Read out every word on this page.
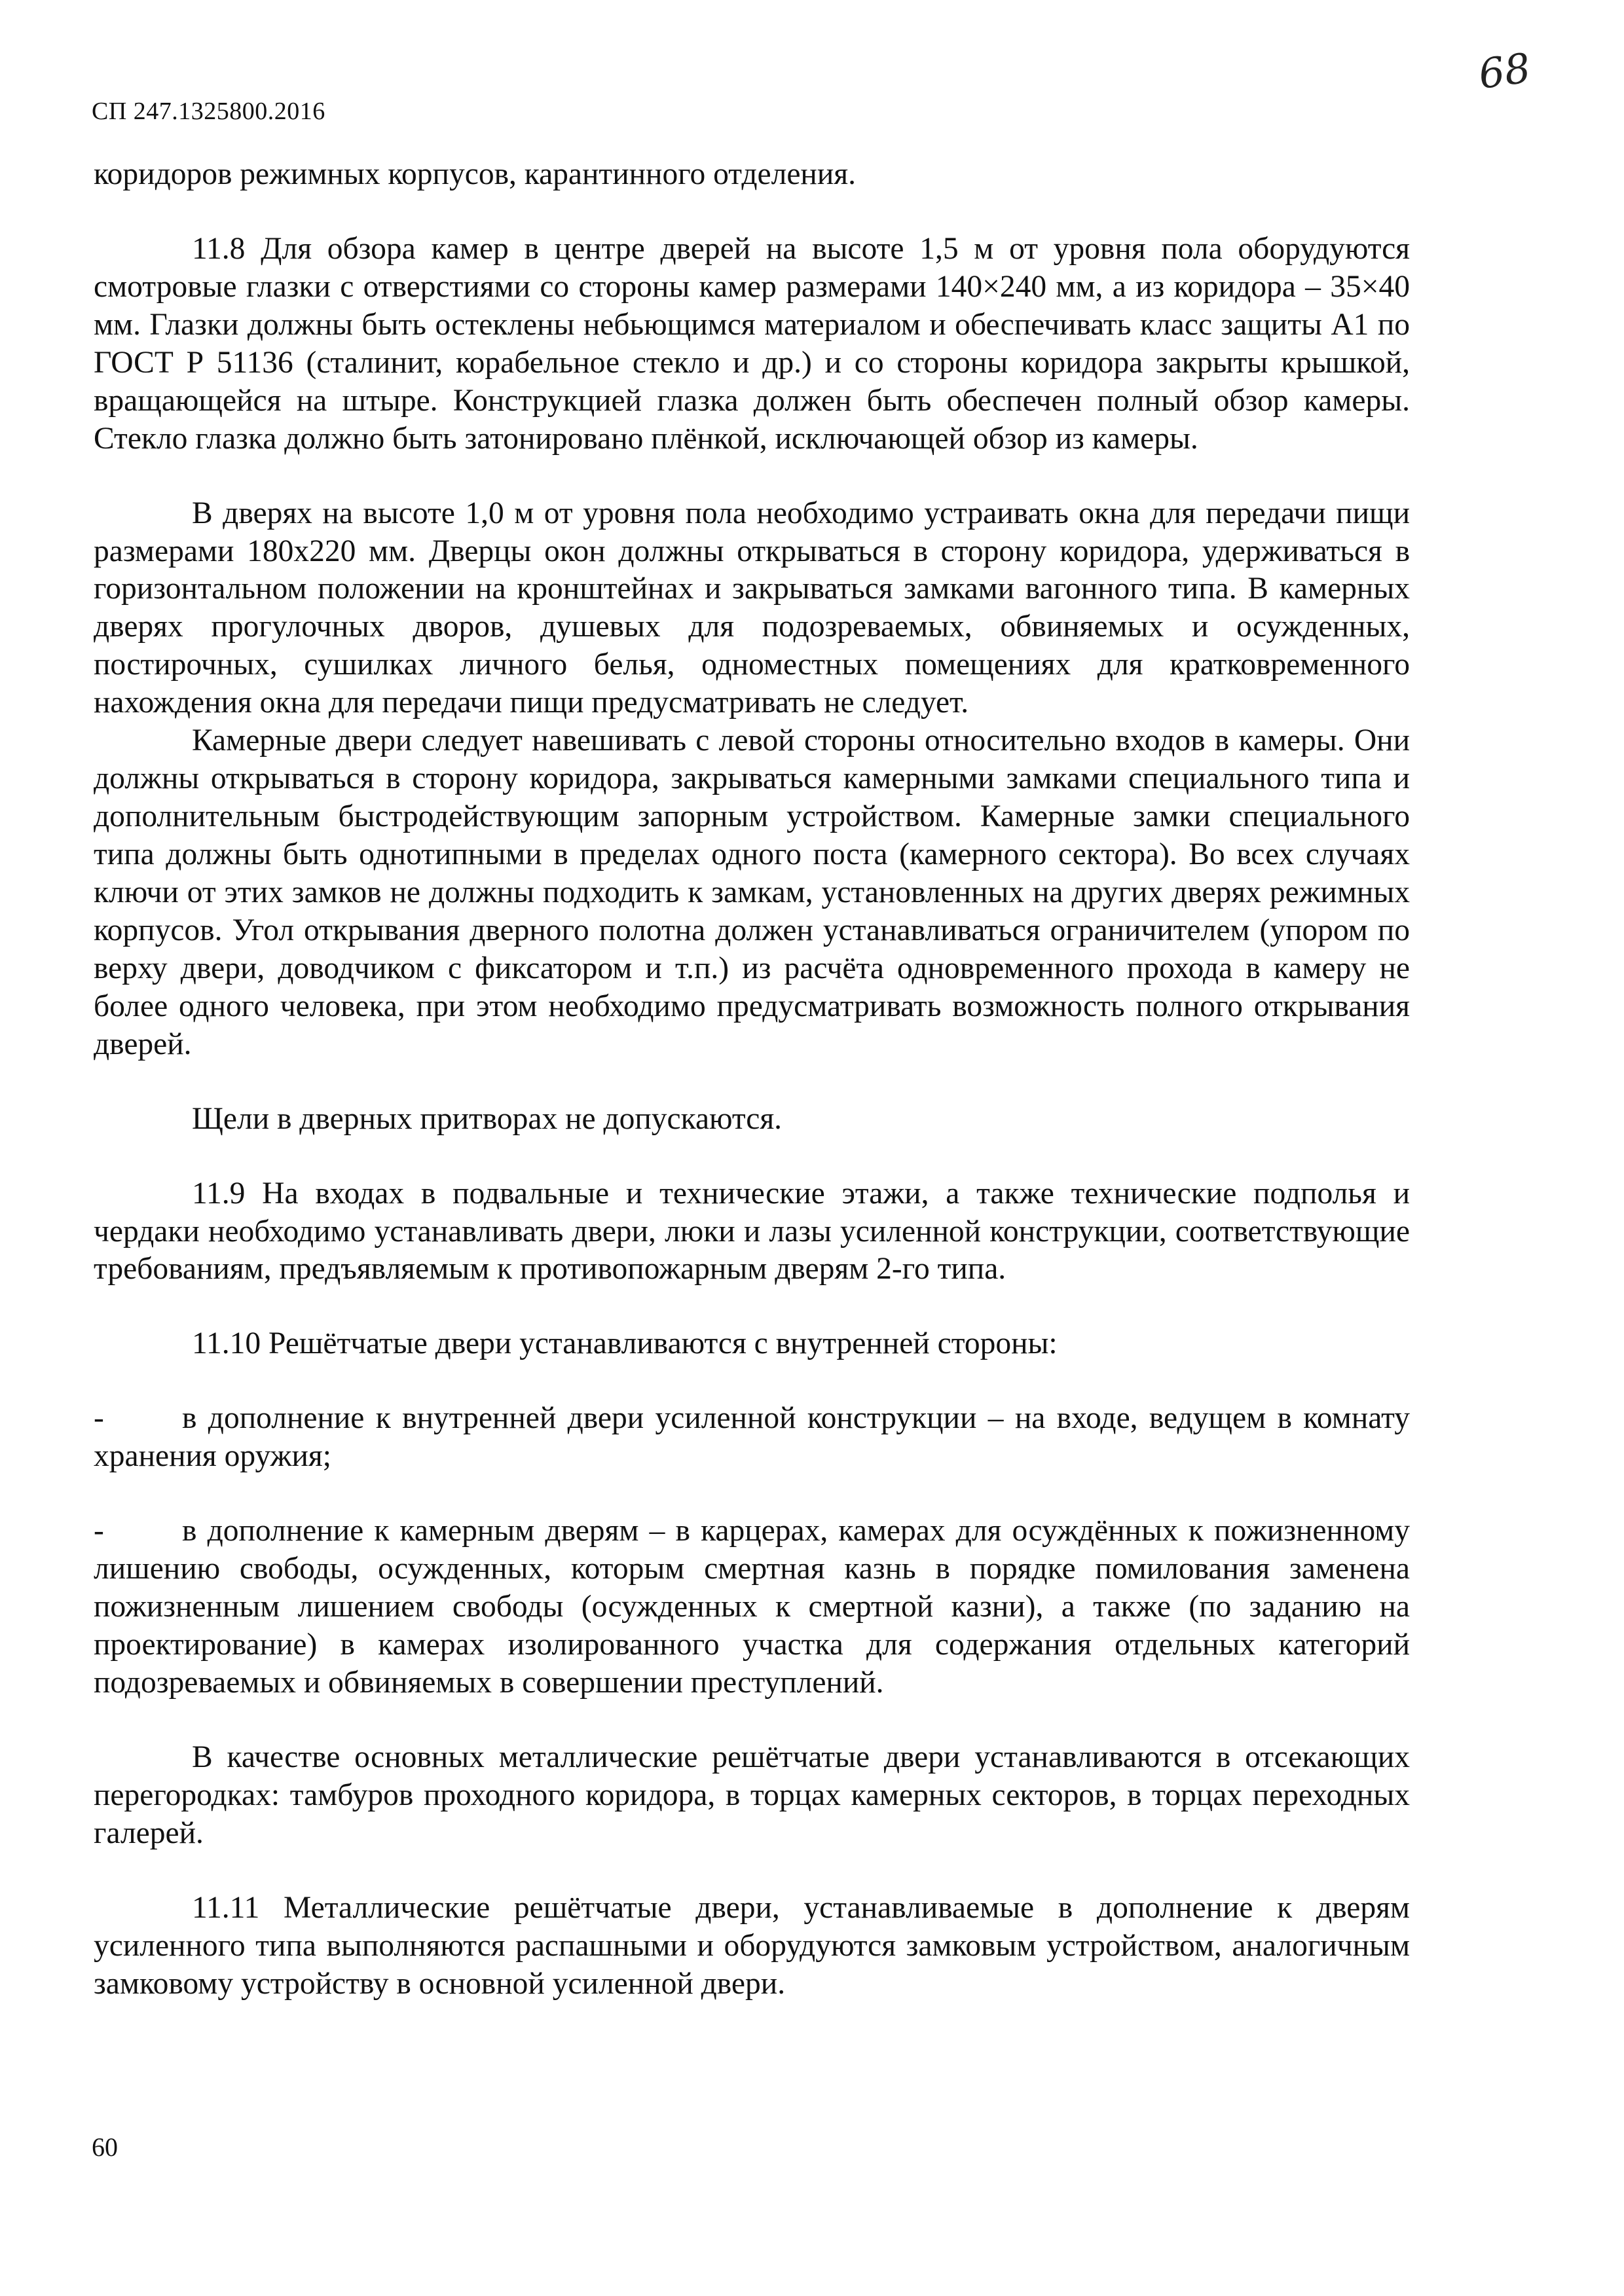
СП 247.1325800.2016
68

коридоров режимных корпусов, карантинного отделения.

11.8 Для обзора камер в центре дверей на высоте 1,5 м от уровня пола оборудуются смотровые глазки с отверстиями со стороны камер размерами 140×240 мм, а из коридора – 35×40 мм. Глазки должны быть остеклены небьющимся материалом и обеспечивать класс защиты А1 по ГОСТ Р 51136 (сталинит, корабельное стекло и др.) и со стороны коридора закрыты крышкой, вращающейся на штыре. Конструкцией глазка должен быть обеспечен полный обзор камеры. Стекло глазка должно быть затонировано плёнкой, исключающей обзор из камеры.

В дверях на высоте 1,0 м от уровня пола необходимо устраивать окна для передачи пищи размерами 180х220 мм. Дверцы окон должны открываться в сторону коридора, удерживаться в горизонтальном положении на кронштейнах и закрываться замками вагонного типа. В камерных дверях прогулочных дворов, душевых для подозреваемых, обвиняемых и осужденных, постирочных, сушилках личного белья, одноместных помещениях для кратковременного нахождения окна для передачи пищи предусматривать не следует.

Камерные двери следует навешивать с левой стороны относительно входов в камеры. Они должны открываться в сторону коридора, закрываться камерными замками специального типа и дополнительным быстродействующим запорным устройством. Камерные замки специального типа должны быть однотипными в пределах одного поста (камерного сектора). Во всех случаях ключи от этих замков не должны подходить к замкам, установленных на других дверях режимных корпусов. Угол открывания дверного полотна должен устанавливаться ограничителем (упором по верху двери, доводчиком с фиксатором и т.п.) из расчёта одновременного прохода в камеру не более одного человека, при этом необходимо предусматривать возможность полного открывания дверей.

Щели в дверных притворах не допускаются.

11.9 На входах в подвальные и технические этажи, а также технические подполья и чердаки необходимо устанавливать двери, люки и лазы усиленной конструкции, соответствующие требованиям, предъявляемым к противопожарным дверям 2-го типа.

11.10 Решётчатые двери устанавливаются с внутренней стороны:

-	в дополнение к внутренней двери усиленной конструкции – на входе, ведущем в комнату хранения оружия;

-	в дополнение к камерным дверям – в карцерах, камерах для осуждённых к пожизненному лишению свободы, осужденных, которым смертная казнь в порядке помилования заменена пожизненным лишением свободы (осужденных к смертной казни), а также (по заданию на проектирование) в камерах изолированного участка для содержания отдельных категорий подозреваемых и обвиняемых в совершении преступлений.

В качестве основных металлические решётчатые двери устанавливаются в отсекающих перегородках: тамбуров проходного коридора, в торцах камерных секторов, в торцах переходных галерей.

11.11 Металлические решётчатые двери, устанавливаемые в дополнение к дверям усиленного типа выполняются распашными и оборудуются замковым устройством, аналогичным замковому устройству в основной усиленной двери.

60
